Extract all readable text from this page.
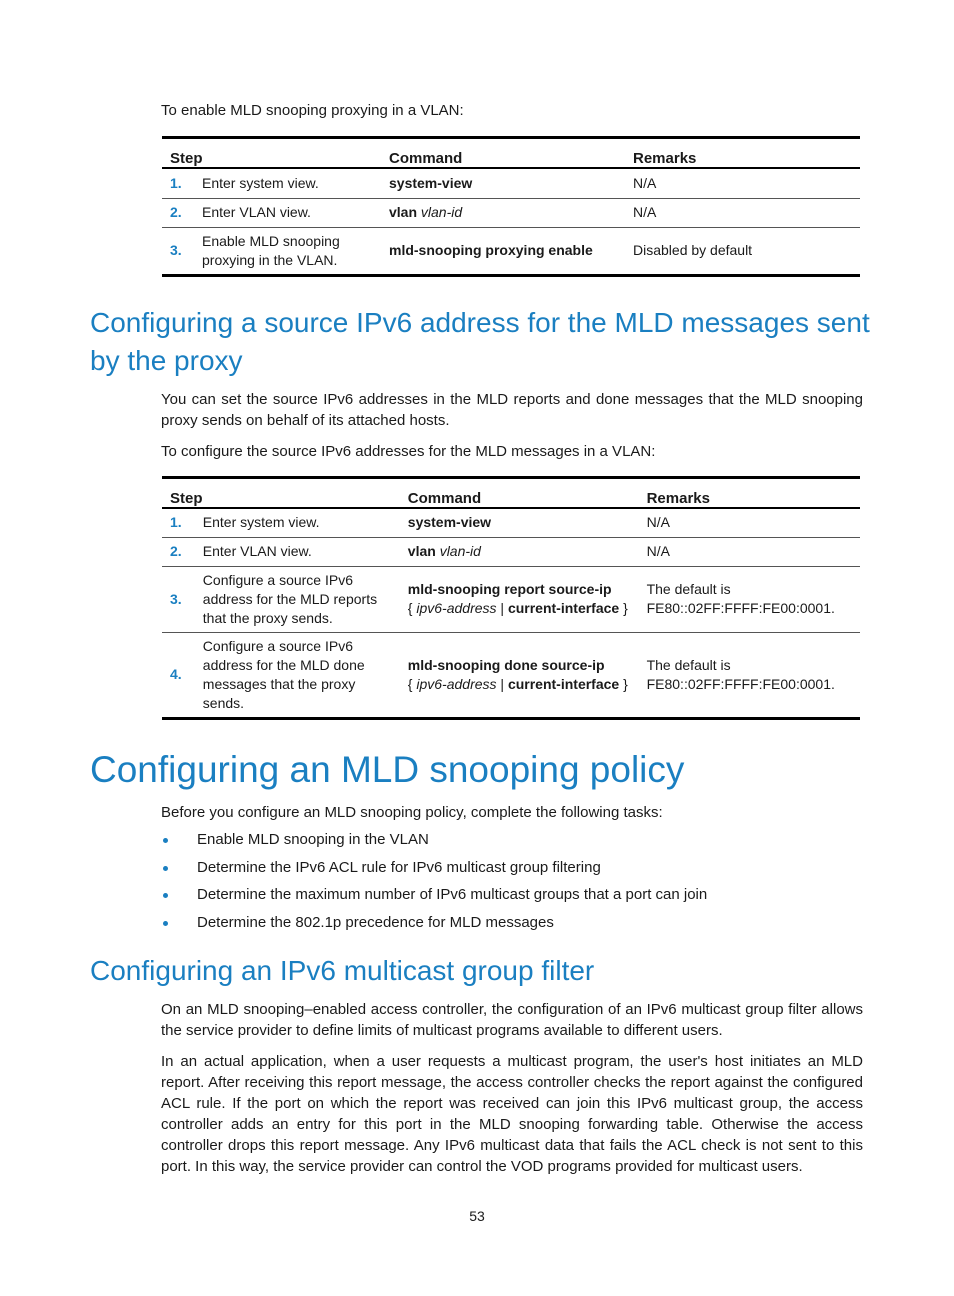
To enable MLD snooping proxying in a VLAN:

Step		Command	Remarks
1.	Enter system view.	system-view	N/A
2.	Enter VLAN view.	vlan vlan-id	N/A
3.	Enable MLD snooping proxying in the VLAN.	mld-snooping proxying enable	Disabled by default
Configuring a source IPv6 address for the MLD messages sent by the proxy

You can set the source IPv6 addresses in the MLD reports and done messages that the MLD snooping proxy sends on behalf of its attached hosts.

To configure the source IPv6 addresses for the MLD messages in a VLAN:

Step		Command	Remarks
1.	Enter system view.	system-view	N/A
2.	Enter VLAN view.	vlan vlan-id	N/A
3.	Configure a source IPv6 address for the MLD reports that the proxy sends.	mld-snooping report source-ip
{ ipv6-address | current-interface }	The default is FE80::02FF:FFFF:FE00:0001.
4.	Configure a source IPv6 address for the MLD done messages that the proxy sends.	mld-snooping done source-ip
{ ipv6-address | current-interface }	The default is FE80::02FF:FFFF:FE00:0001.
Configuring an MLD snooping policy

Before you configure an MLD snooping policy, complete the following tasks:

Enable MLD snooping in the VLAN
Determine the IPv6 ACL rule for IPv6 multicast group filtering
Determine the maximum number of IPv6 multicast groups that a port can join
Determine the 802.1p precedence for MLD messages
Configuring an IPv6 multicast group filter

On an MLD snooping–enabled access controller, the configuration of an IPv6 multicast group filter allows the service provider to define limits of multicast programs available to different users.

In an actual application, when a user requests a multicast program, the user's host initiates an MLD report. After receiving this report message, the access controller checks the report against the configured ACL rule. If the port on which the report was received can join this IPv6 multicast group, the access controller adds an entry for this port in the MLD snooping forwarding table. Otherwise the access controller drops this report message. Any IPv6 multicast data that fails the ACL check is not sent to this port. In this way, the service provider can control the VOD programs provided for multicast users.

53
